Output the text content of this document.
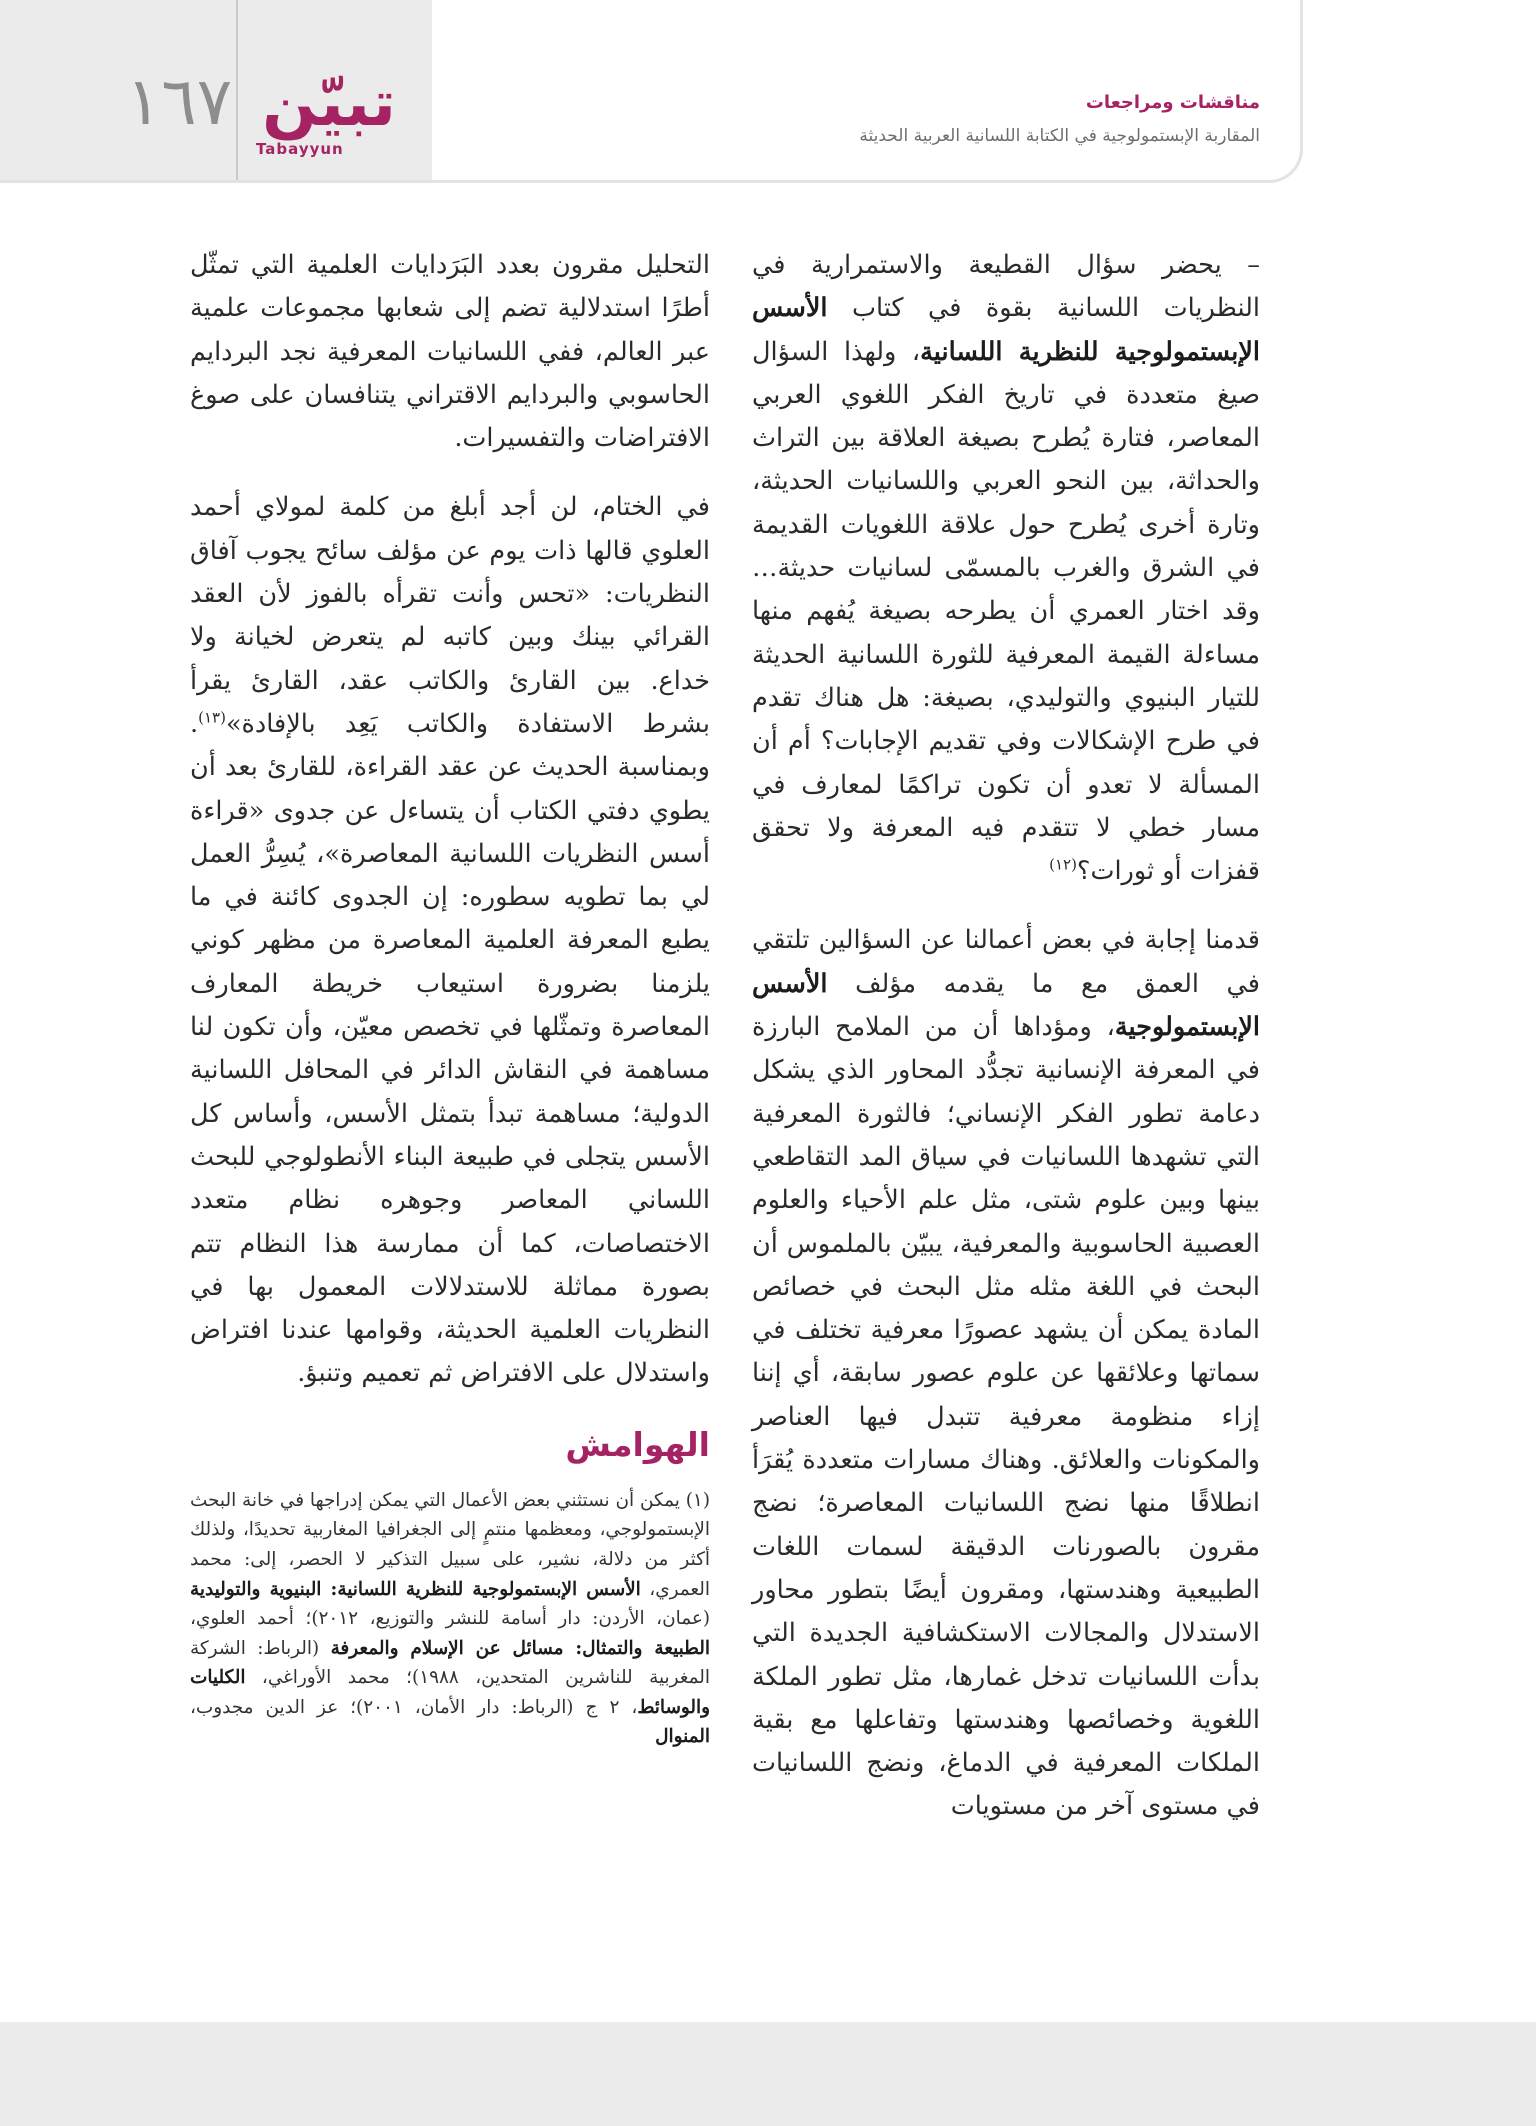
١٦٧ تبيّن
Tabayyun
مناقشات ومراجعات
المقاربة الإبستمولوجية في الكتابة اللسانية العربية الحديثة

– يحضر سؤال القطيعة والاستمرارية في النظريات اللسانية بقوة في كتاب الأسس الإبستمولوجية للنظرية اللسانية، ولهذا السؤال صيغ متعددة في تاريخ الفكر اللغوي العربي المعاصر، فتارة يُطرح بصيغة العلاقة بين التراث والحداثة، بين النحو العربي واللسانيات الحديثة، وتارة أخرى يُطرح حول علاقة اللغويات القديمة في الشرق والغرب بالمسمّى لسانيات حديثة… وقد اختار العمري أن يطرحه بصيغة يُفهم منها مساءلة القيمة المعرفية للثورة اللسانية الحديثة للتيار البنيوي والتوليدي، بصيغة: هل هناك تقدم في طرح الإشكالات وفي تقديم الإجابات؟ أم أن المسألة لا تعدو أن تكون تراكمًا لمعارف في مسار خطي لا تتقدم فيه المعرفة ولا تحقق قفزات أو ثورات؟$^{(١٢)}$

قدمنا إجابة في بعض أعمالنا عن السؤالين تلتقي في العمق مع ما يقدمه مؤلف الأسس الإبستمولوجية، ومؤداها أن من الملامح البارزة في المعرفة الإنسانية تجدُّد المحاور الذي يشكل دعامة تطور الفكر الإنساني؛ فالثورة المعرفية التي تشهدها اللسانيات في سياق المد التقاطعي بينها وبين علوم شتى، مثل علم الأحياء والعلوم العصبية الحاسوبية والمعرفية، يبيّن بالملموس أن البحث في اللغة مثله مثل البحث في خصائص المادة يمكن أن يشهد عصورًا معرفية تختلف في سماتها وعلائقها عن علوم عصور سابقة، أي إننا إزاء منظومة معرفية تتبدل فيها العناصر والمكونات والعلائق. وهناك مسارات متعددة يُقرَأ انطلاقًا منها نضج اللسانيات المعاصرة؛ نضج مقرون بالصورنات الدقيقة لسمات اللغات الطبيعية وهندستها، ومقرون أيضًا بتطور محاور الاستدلال والمجالات الاستكشافية الجديدة التي بدأت اللسانيات تدخل غمارها، مثل تطور الملكة اللغوية وخصائصها وهندستها وتفاعلها مع بقية الملكات المعرفية في الدماغ، ونضج اللسانيات في مستوى آخر من مستويات

التحليل مقرون بعدد البَرَدايات العلمية التي تمثّل أطرًا استدلالية تضم إلى شعابها مجموعات علمية عبر العالم، ففي اللسانيات المعرفية نجد البردايم الحاسوبي والبردايم الاقتراني يتنافسان على صوغ الافتراضات والتفسيرات.

في الختام، لن أجد أبلغ من كلمة لمولاي أحمد العلوي قالها ذات يوم عن مؤلف سائح يجوب آفاق النظريات: «تحس وأنت تقرأه بالفوز لأن العقد القرائي بينك وبين كاتبه لم يتعرض لخيانة ولا خداع. بين القارئ والكاتب عقد، القارئ يقرأ بشرط الاستفادة والكاتب يَعِد بالإفادة»$^{(١٣)}$. وبمناسبة الحديث عن عقد القراءة، للقارئ بعد أن يطوي دفتي الكتاب أن يتساءل عن جدوى «قراءة أسس النظريات اللسانية المعاصرة»، يُسِرُّ العمل لي بما تطويه سطوره: إن الجدوى كائنة في ما يطبع المعرفة العلمية المعاصرة من مظهر كوني يلزمنا بضرورة استيعاب خريطة المعارف المعاصرة وتمثّلها في تخصص معيّن، وأن تكون لنا مساهمة في النقاش الدائر في المحافل اللسانية الدولية؛ مساهمة تبدأ بتمثل الأسس، وأساس كل الأسس يتجلى في طبيعة البناء الأنطولوجي للبحث اللساني المعاصر وجوهره نظام متعدد الاختصاصات، كما أن ممارسة هذا النظام تتم بصورة مماثلة للاستدلالات المعمول بها في النظريات العلمية الحديثة، وقوامها عندنا افتراض واستدلال على الافتراض ثم تعميم وتنبؤ.

الهوامش
(١) يمكن أن نستثني بعض الأعمال التي يمكن إدراجها في خانة البحث الإبستمولوجي، ومعظمها منتمٍ إلى الجغرافيا المغاربية تحديدًا، ولذلك أكثر من دلالة، نشير، على سبيل التذكير لا الحصر، إلى: محمد العمري، الأسس الإبستمولوجية للنظرية اللسانية: البنيوية والتوليدية (عمان، الأردن: دار أسامة للنشر والتوزيع، ٢٠١٢)؛ أحمد العلوي، الطبيعة والتمثال: مسائل عن الإسلام والمعرفة (الرباط: الشركة المغربية للناشرين المتحدين، ١٩٨٨)؛ محمد الأوراغي، الكليات والوسائط، ٢ ج (الرباط: دار الأمان، ٢٠٠١)؛ عز الدين مجدوب، المنوال
